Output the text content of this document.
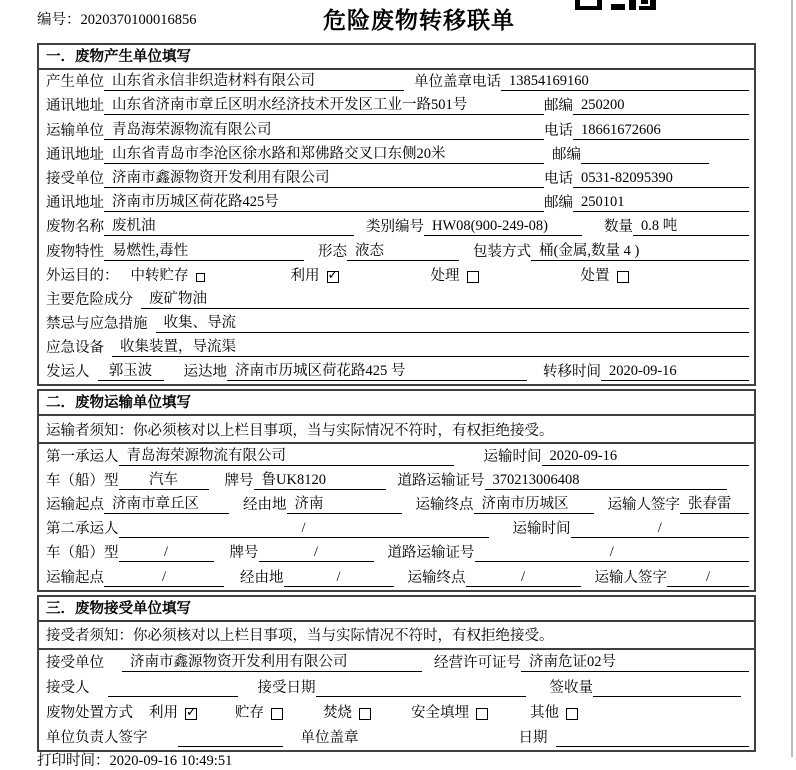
编号：2020370100016856	危险废物转移联单
一．废物产生单位填写
产生单位 山东省永信非织造材料有限公司	单位盖章 电话 13854169160
通讯地址 山东省济南市章丘区明水经济技术开发区工业一路501号	邮编 250200
运输单位 青岛海荣源物流有限公司	电话 18661672606
通讯地址 山东省青岛市李沧区徐水路和郑佛路交叉口东侧20米	邮编
接受单位 济南市鑫源物资开发利用有限公司	电话 0531-82095390
通讯地址 济南市历城区荷花路425号	邮编 250101
废物名称 废机油	类别编号 HW08(900-249-08)	数量 0.8 吨
废物特性 易燃性,毒性	形态 液态	包装方式 桶(金属,数量 4 )
外运目的： 中转贮存	利用 ✓	处理	处置
主要危险成分	废矿物油
禁忌与应急措施	收集、导流
应急设备	收集装置，导流渠
发运人	郭玉波	运达地 济南市历城区荷花路425 号	转移时间 2020-09-16
二．废物运输单位填写
运输者须知：你必须核对以上栏目事项，当与实际情况不符时，有权拒绝接受。
第一承运人 青岛海荣源物流有限公司	运输时间 2020-09-16
车（船）型	汽车	牌号 鲁UK8120	道路运输证号 370213006408
运输起点 济南市章丘区	经由地 济南	运输终点 济南市历城区	运输人签字 张春雷
第二承运人	/	运输时间	/
车（船）型	/	牌号	/	道路运输证号	/
运输起点	/	经由地	/	运输终点	/	运输人签字	/
三．废物接受单位填写
接受者须知：你必须核对以上栏目事项，当与实际情况不符时，有权拒绝接受。
接受单位	济南市鑫源物资开发利用有限公司	经营许可证号 济南危证02号
接受人	接受日期	签收量
废物处置方式 利用 ✓	贮存	焚烧	安全填埋	其他
单位负责人签字	单位盖章	日期
打印时间：2020-09-16 10:49:51
